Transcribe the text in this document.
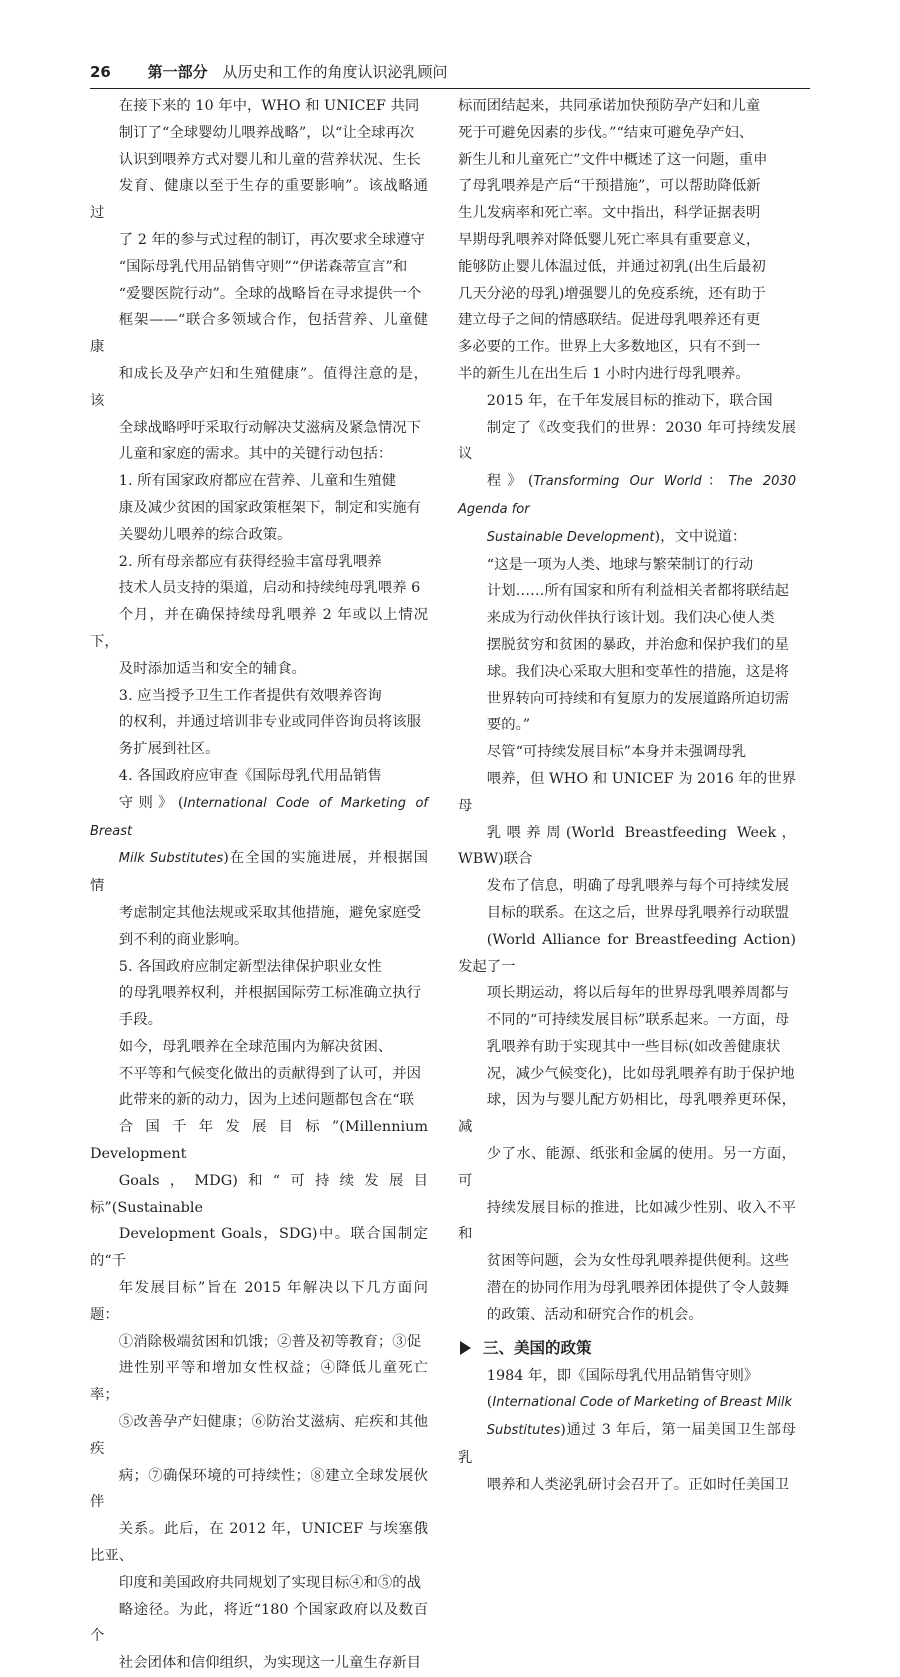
26 第一部分 从历史和工作的角度认识泌乳顾问

在接下来的 10 年中，WHO 和 UNICEF 共同
制订了“全球婴幼儿喂养战略”，以“让全球再次
认识到喂养方式对婴儿和儿童的营养状况、生长
发育、健康以至于生存的重要影响”。该战略通过
了 2 年的参与式过程的制订，再次要求全球遵守
“国际母乳代用品销售守则”“伊诺森蒂宣言”和
“爱婴医院行动”。全球的战略旨在寻求提供一个
框架——“联合多领域合作，包括营养、儿童健康
和成长及孕产妇和生殖健康”。值得注意的是，该
全球战略呼吁采取行动解决艾滋病及紧急情况下
儿童和家庭的需求。其中的关键行动包括：

1. 所有国家政府都应在营养、儿童和生殖健
康及减少贫困的国家政策框架下，制定和实施有
关婴幼儿喂养的综合政策。

2. 所有母亲都应有获得经验丰富母乳喂养
技术人员支持的渠道，启动和持续纯母乳喂养 6
个月，并在确保持续母乳喂养 2 年或以上情况下，
及时添加适当和安全的辅食。

3. 应当授予卫生工作者提供有效喂养咨询
的权利，并通过培训非专业或同伴咨询员将该服
务扩展到社区。

4. 各国政府应审查《国际母乳代用品销售
守则》(International Code of Marketing of Breast
Milk Substitutes)在全国的实施进展，并根据国情
考虑制定其他法规或采取其他措施，避免家庭受
到不利的商业影响。

5. 各国政府应制定新型法律保护职业女性
的母乳喂养权利，并根据国际劳工标准确立执行
手段。

如今，母乳喂养在全球范围内为解决贫困、
不平等和气候变化做出的贡献得到了认可，并因
此带来的新的动力，因为上述问题都包含在“联
合国千年发展目标”(Millennium Development
Goals，MDG)和“可持续发展目标”(Sustainable
Development Goals，SDG)中。联合国制定的“千
年发展目标”旨在 2015 年解决以下几方面问题：
①消除极端贫困和饥饿；②普及初等教育；③促
进性别平等和增加女性权益；④降低儿童死亡率；
⑤改善孕产妇健康；⑥防治艾滋病、疟疾和其他疾
病；⑦确保环境的可持续性；⑧建立全球发展伙伴
关系。此后，在 2012 年，UNICEF 与埃塞俄比亚、
印度和美国政府共同规划了实现目标④和⑤的战
略途径。为此，将近“180 个国家政府以及数百个
社会团体和信仰组织，为实现这一儿童生存新目

标而团结起来，共同承诺加快预防孕产妇和儿童
死于可避免因素的步伐。”“结束可避免孕产妇、
新生儿和儿童死亡”文件中概述了这一问题，重申
了母乳喂养是产后“干预措施”，可以帮助降低新
生儿发病率和死亡率。文中指出，科学证据表明
早期母乳喂养对降低婴儿死亡率具有重要意义，
能够防止婴儿体温过低，并通过初乳(出生后最初
几天分泌的母乳)增强婴儿的免疫系统，还有助于
建立母子之间的情感联结。促进母乳喂养还有更
多必要的工作。世界上大多数地区，只有不到一
半的新生儿在出生后 1 小时内进行母乳喂养。

2015 年，在千年发展目标的推动下，联合国
制定了《改变我们的世界：2030 年可持续发展议
程》(Transforming Our World：The 2030 Agenda for
Sustainable Development)，文中说道：

“这是一项为人类、地球与繁荣制订的行动
计划……所有国家和所有利益相关者都将联结起
来成为行动伙伴执行该计划。我们决心使人类
摆脱贫穷和贫困的暴政，并治愈和保护我们的星
球。我们决心采取大胆和变革性的措施，这是将
世界转向可持续和有复原力的发展道路所迫切需
要的。”

尽管“可持续发展目标”本身并未强调母乳
喂养，但 WHO 和 UNICEF 为 2016 年的世界母
乳喂养周(World Breastfeeding Week，WBW)联合
发布了信息，明确了母乳喂养与每个可持续发展
目标的联系。在这之后，世界母乳喂养行动联盟
(World Alliance for Breastfeeding Action)发起了一
项长期运动，将以后每年的世界母乳喂养周都与
不同的“可持续发展目标”联系起来。一方面，母
乳喂养有助于实现其中一些目标(如改善健康状
况，减少气候变化)，比如母乳喂养有助于保护地
球，因为与婴儿配方奶相比，母乳喂养更环保，减
少了水、能源、纸张和金属的使用。另一方面，可
持续发展目标的推进，比如减少性别、收入不平和
贫困等问题，会为女性母乳喂养提供便利。这些
潜在的协同作用为母乳喂养团体提供了令人鼓舞
的政策、活动和研究合作的机会。

三、美国的政策

1984 年，即《国际母乳代用品销售守则》
(International Code of Marketing of Breast Milk
Substitutes)通过 3 年后，第一届美国卫生部母乳
喂养和人类泌乳研讨会召开了。正如时任美国卫
